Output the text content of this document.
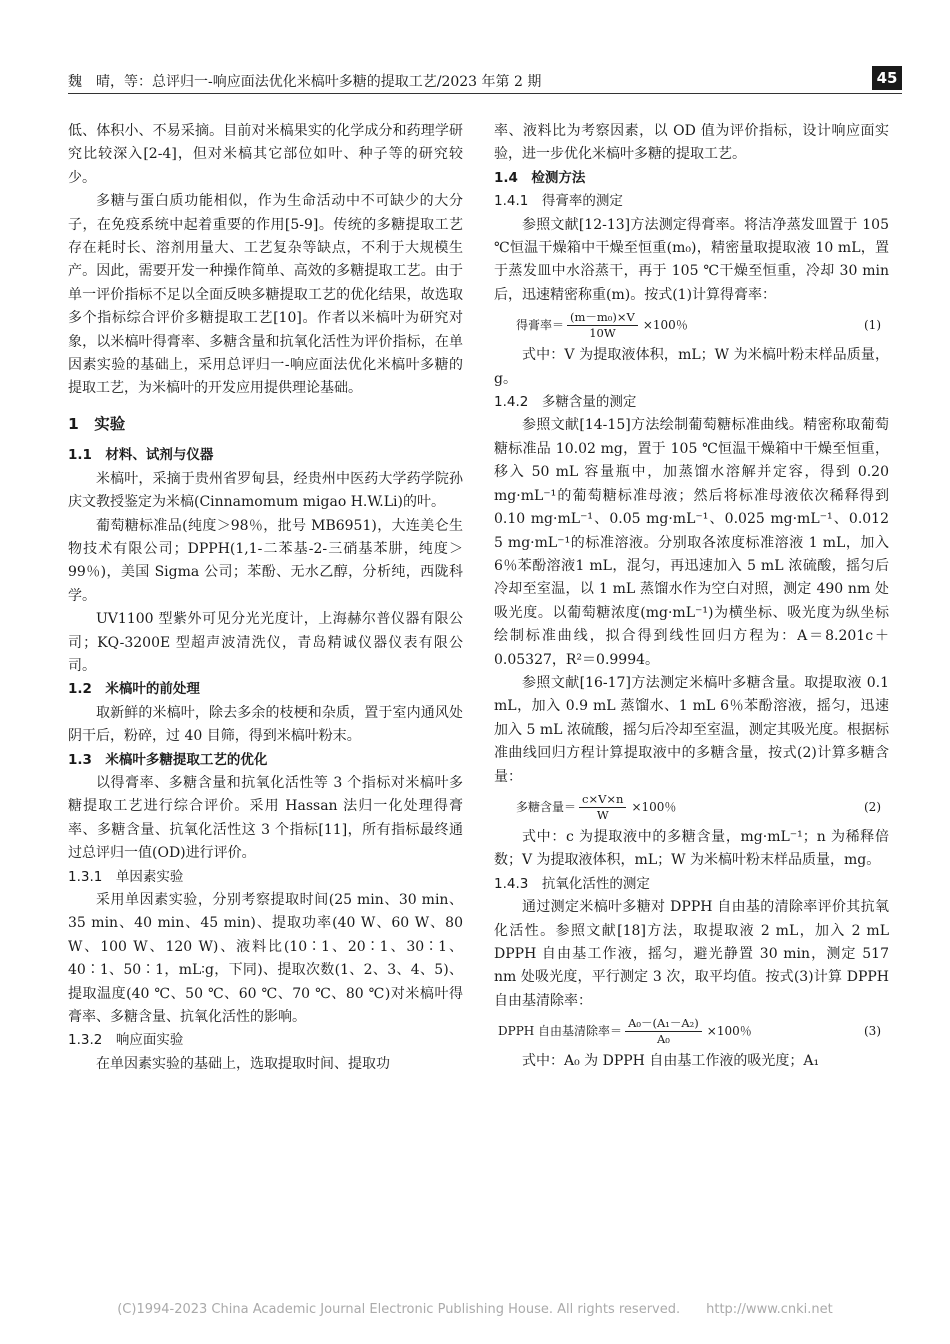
魏　晴，等：总评归一-响应面法优化米槁叶多糖的提取工艺/2023 年第 2 期	45

低、体积小、不易采摘。目前对米槁果实的化学成分和药理学研究比较深入[2-4]，但对米槁其它部位如叶、种子等的研究较少。

多糖与蛋白质功能相似，作为生命活动中不可缺少的大分子，在免疫系统中起着重要的作用[5-9]。传统的多糖提取工艺存在耗时长、溶剂用量大、工艺复杂等缺点，不利于大规模生产。因此，需要开发一种操作简单、高效的多糖提取工艺。由于单一评价指标不足以全面反映多糖提取工艺的优化结果，故选取多个指标综合评价多糖提取工艺[10]。作者以米槁叶为研究对象，以米槁叶得膏率、多糖含量和抗氧化活性为评价指标，在单因素实验的基础上，采用总评归一-响应面法优化米槁叶多糖的提取工艺，为米槁叶的开发应用提供理论基础。

1　实验

1.1　材料、试剂与仪器

米槁叶，采摘于贵州省罗甸县，经贵州中医药大学药学院孙庆文教授鉴定为米槁(Cinnamomum migao H.W.Li)的叶。

葡萄糖标准品(纯度＞98％，批号 MB6951)，大连美仑生物技术有限公司；DPPH(1,1-二苯基-2-三硝基苯肼，纯度＞99％)，美国 Sigma 公司；苯酚、无水乙醇，分析纯，西陇科学。

UV1100 型紫外可见分光光度计，上海赫尔普仪器有限公司；KQ-3200E 型超声波清洗仪，青岛精诚仪器仪表有限公司。

1.2　米槁叶的前处理

取新鲜的米槁叶，除去多余的枝梗和杂质，置于室内通风处阴干后，粉碎，过 40 目筛，得到米槁叶粉末。

1.3　米槁叶多糖提取工艺的优化

以得膏率、多糖含量和抗氧化活性等 3 个指标对米槁叶多糖提取工艺进行综合评价。采用 Hassan 法归一化处理得膏率、多糖含量、抗氧化活性这 3 个指标[11]，所有指标最终通过总评归一值(OD)进行评价。

1.3.1　单因素实验

采用单因素实验，分别考察提取时间(25 min、30 min、35 min、40 min、45 min)、提取功率(40 W、60 W、80 W、100 W、120 W)、液料比(10∶1、20∶1、30∶1、40∶1、50∶1，mL∶g，下同)、提取次数(1、2、3、4、5)、提取温度(40 ℃、50 ℃、60 ℃、70 ℃、80 ℃)对米槁叶得膏率、多糖含量、抗氧化活性的影响。

1.3.2　响应面实验

在单因素实验的基础上，选取提取时间、提取功

率、液料比为考察因素，以 OD 值为评价指标，设计响应面实验，进一步优化米槁叶多糖的提取工艺。

1.4　检测方法

1.4.1　得膏率的测定

参照文献[12-13]方法测定得膏率。将洁净蒸发皿置于 105 ℃恒温干燥箱中干燥至恒重(m₀)，精密量取提取液 10 mL，置于蒸发皿中水浴蒸干，再于 105 ℃干燥至恒重，冷却 30 min 后，迅速精密称重(m)。按式(1)计算得膏率：

得膏率＝ $\frac{\text{(m－m₀)×V}}{10W} \times 100$％	(1)

式中：V 为提取液体积，mL；W 为米槁叶粉末样品质量，g。

1.4.2　多糖含量的测定

参照文献[14-15]方法绘制葡萄糖标准曲线。精密称取葡萄糖标准品 10.02 mg，置于 105 ℃恒温干燥箱中干燥至恒重，移入 50 mL 容量瓶中，加蒸馏水溶解并定容，得到 0.20 mg·mL⁻¹的葡萄糖标准母液；然后将标准母液依次稀释得到 0.10 mg·mL⁻¹、0.05 mg·mL⁻¹、0.025 mg·mL⁻¹、0.012 5 mg·mL⁻¹的标准溶液。分别取各浓度标准溶液 1 mL，加入 6％苯酚溶液1 mL，混匀，再迅速加入 5 mL 浓硫酸，摇匀后冷却至室温，以 1 mL 蒸馏水作为空白对照，测定 490 nm 处吸光度。以葡萄糖浓度(mg·mL⁻¹)为横坐标、吸光度为纵坐标绘制标准曲线，拟合得到线性回归方程为：A＝8.201c＋0.05327，R²＝0.9994。

参照文献[16-17]方法测定米槁叶多糖含量。取提取液 0.1 mL，加入 0.9 mL 蒸馏水、1 mL 6％苯酚溶液，摇匀，迅速加入 5 mL 浓硫酸，摇匀后冷却至室温，测定其吸光度。根据标准曲线回归方程计算提取液中的多糖含量，按式(2)计算多糖含量：

多糖含量＝ $\frac{c\times V\times n}{W} \times 100$％	(2)

式中：c 为提取液中的多糖含量，mg·mL⁻¹；n 为稀释倍数；V 为提取液体积，mL；W 为米槁叶粉末样品质量，mg。

1.4.3　抗氧化活性的测定

通过测定米槁叶多糖对 DPPH 自由基的清除率评价其抗氧化活性。参照文献[18]方法，取提取液 2 mL，加入 2 mL DPPH 自由基工作液，摇匀，避光静置 30 min，测定 517 nm 处吸光度，平行测定 3 次，取平均值。按式(3)计算 DPPH 自由基清除率：

DPPH 自由基清除率＝ $\frac{\text{A₀－(A₁－A₂)}}{\text{A₀}} \times 100$％	(3)

式中：A₀ 为 DPPH 自由基工作液的吸光度；A₁

(C)1994-2023 China Academic Journal Electronic Publishing House. All rights reserved.　　http://www.cnki.net
